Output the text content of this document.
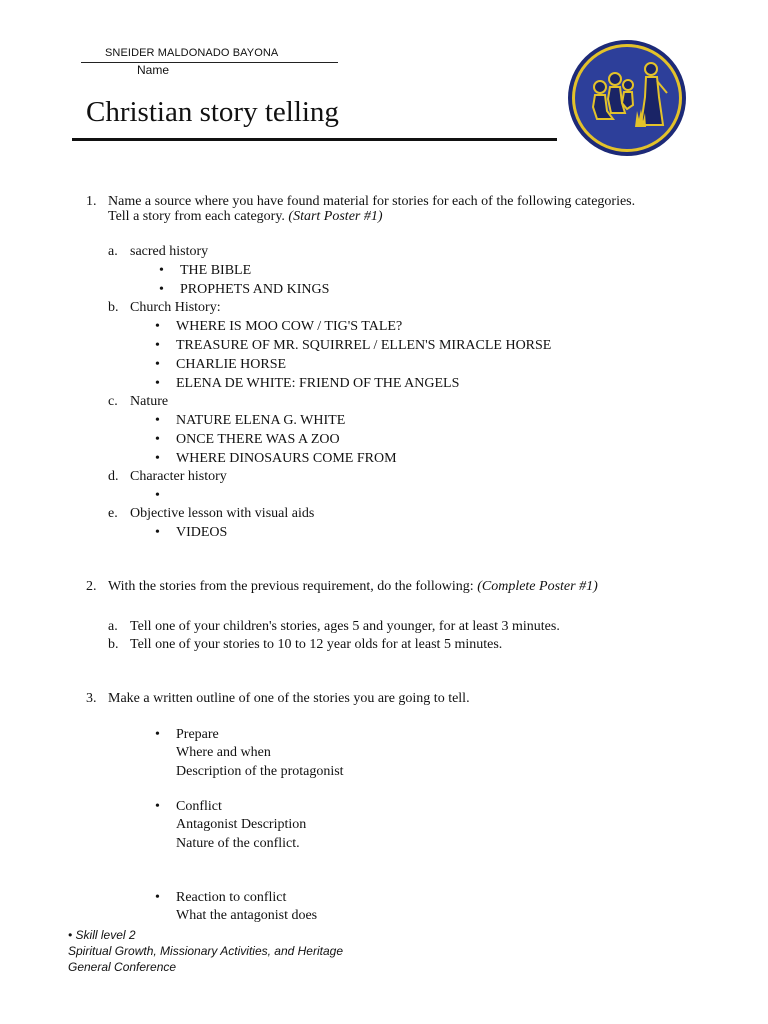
SNEIDER MALDONADO BAYONA
Name
Christian story telling
1. Name a source where you have found material for stories for each of the following categories.
Tell a story from each category. (Start Poster #1)
a. sacred history
• THE BIBLE
• PROPHETS AND KINGS
b. Church History:
• WHERE IS MOO COW / TIG'S TALE?
• TREASURE OF MR. SQUIRREL / ELLEN'S MIRACLE HORSE
• CHARLIE HORSE
• ELENA DE WHITE: FRIEND OF THE ANGELS
c. Nature
• NATURE ELENA G. WHITE
• ONCE THERE WAS A ZOO
• WHERE DINOSAURS COME FROM
d. Character history
•
e. Objective lesson with visual aids
• VIDEOS
2. With the stories from the previous requirement, do the following: (Complete Poster #1)
a. Tell one of your children's stories, ages 5 and younger, for at least 3 minutes.
b. Tell one of your stories to 10 to 12 year olds for at least 5 minutes.
3. Make a written outline of one of the stories you are going to tell.
• Prepare
Where and when
Description of the protagonist
• Conflict
Antagonist Description
Nature of the conflict.
• Reaction to conflict
What the antagonist does
• Skill level 2
Spiritual Growth, Missionary Activities, and Heritage
General Conference
